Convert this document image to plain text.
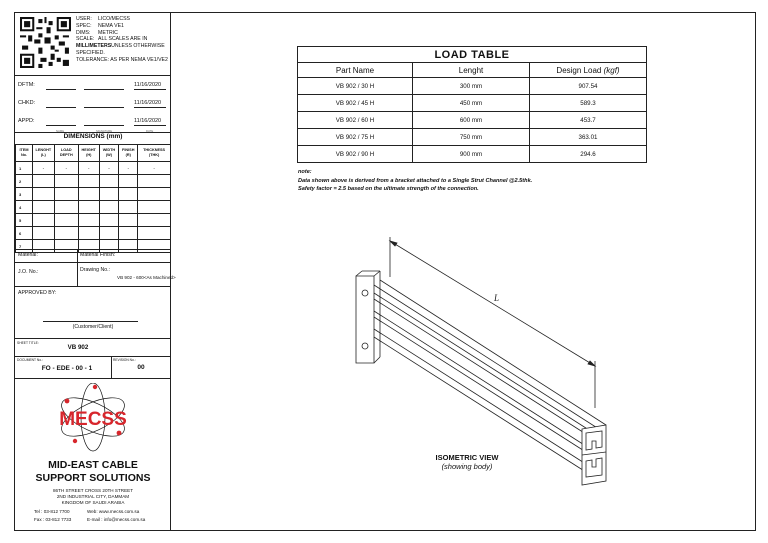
USER:	LICO/MECSS
SPEC:	NEMA VE1
DIMS:	METRIC
SCALE: ALL SCALES ARE IN
MILLIMETERS UNLESS OTHERWISE
SPECIFIED.
TOLERANCE: AS PER NEMA VE1/VE2
DFTM:	11/16/2020
CHKD:	11/16/2020
APPD:	11/16/2020
NAME	SIGNATURE	DATE
DIMENSIONS (mm)
ITEM No.	LENGHT (L)	LOAD DEPTH	HEIGHT (H)	WIDTH (W)	FINISH (R)	THICKNESS (THK)
1	-	-	-	-	-	-
2						
3						
4						
5						
6						
7						
Material:	Material Finish:
J.O. No.:	Drawing No.:
VB 902 - 600<As Machined>
APPROVED BY:
(Customer/Client)
SHEET TITLE:
VB 902
DOCUMENT No.:
FO - EDE - 00 - 1
REVISION No.:
00
MECSS
MID-EAST CABLE
SUPPORT SOLUTIONS
86TH STREET CROSS 20TH STREET
2ND INDUSTRIAL CITY, DAMMAM
KINGDOM OF SAUDI ARABIA
Tel : 03-812 7700
Fax : 03-812 7733
Web: www.mecss.com.sa
E-mail : info@mecss.com.sa
LOAD TABLE		
Part Name	Lenght	Design Load (kgf)
VB 902 / 30 H	300 mm	907.54
VB 902 / 45 H	450 mm	589.3
VB 902 / 60 H	600 mm	453.7
VB 902 / 75 H	750 mm	363.01
VB 902 / 90 H	900 mm	294.6
note:
Data shown above is derived from a bracket attached to a Single Strut Channel @2.5thk.
Safety factor = 2.5 based on the ultimate strength of the connection.
L
ISOMETRIC VIEW
(showing body)
